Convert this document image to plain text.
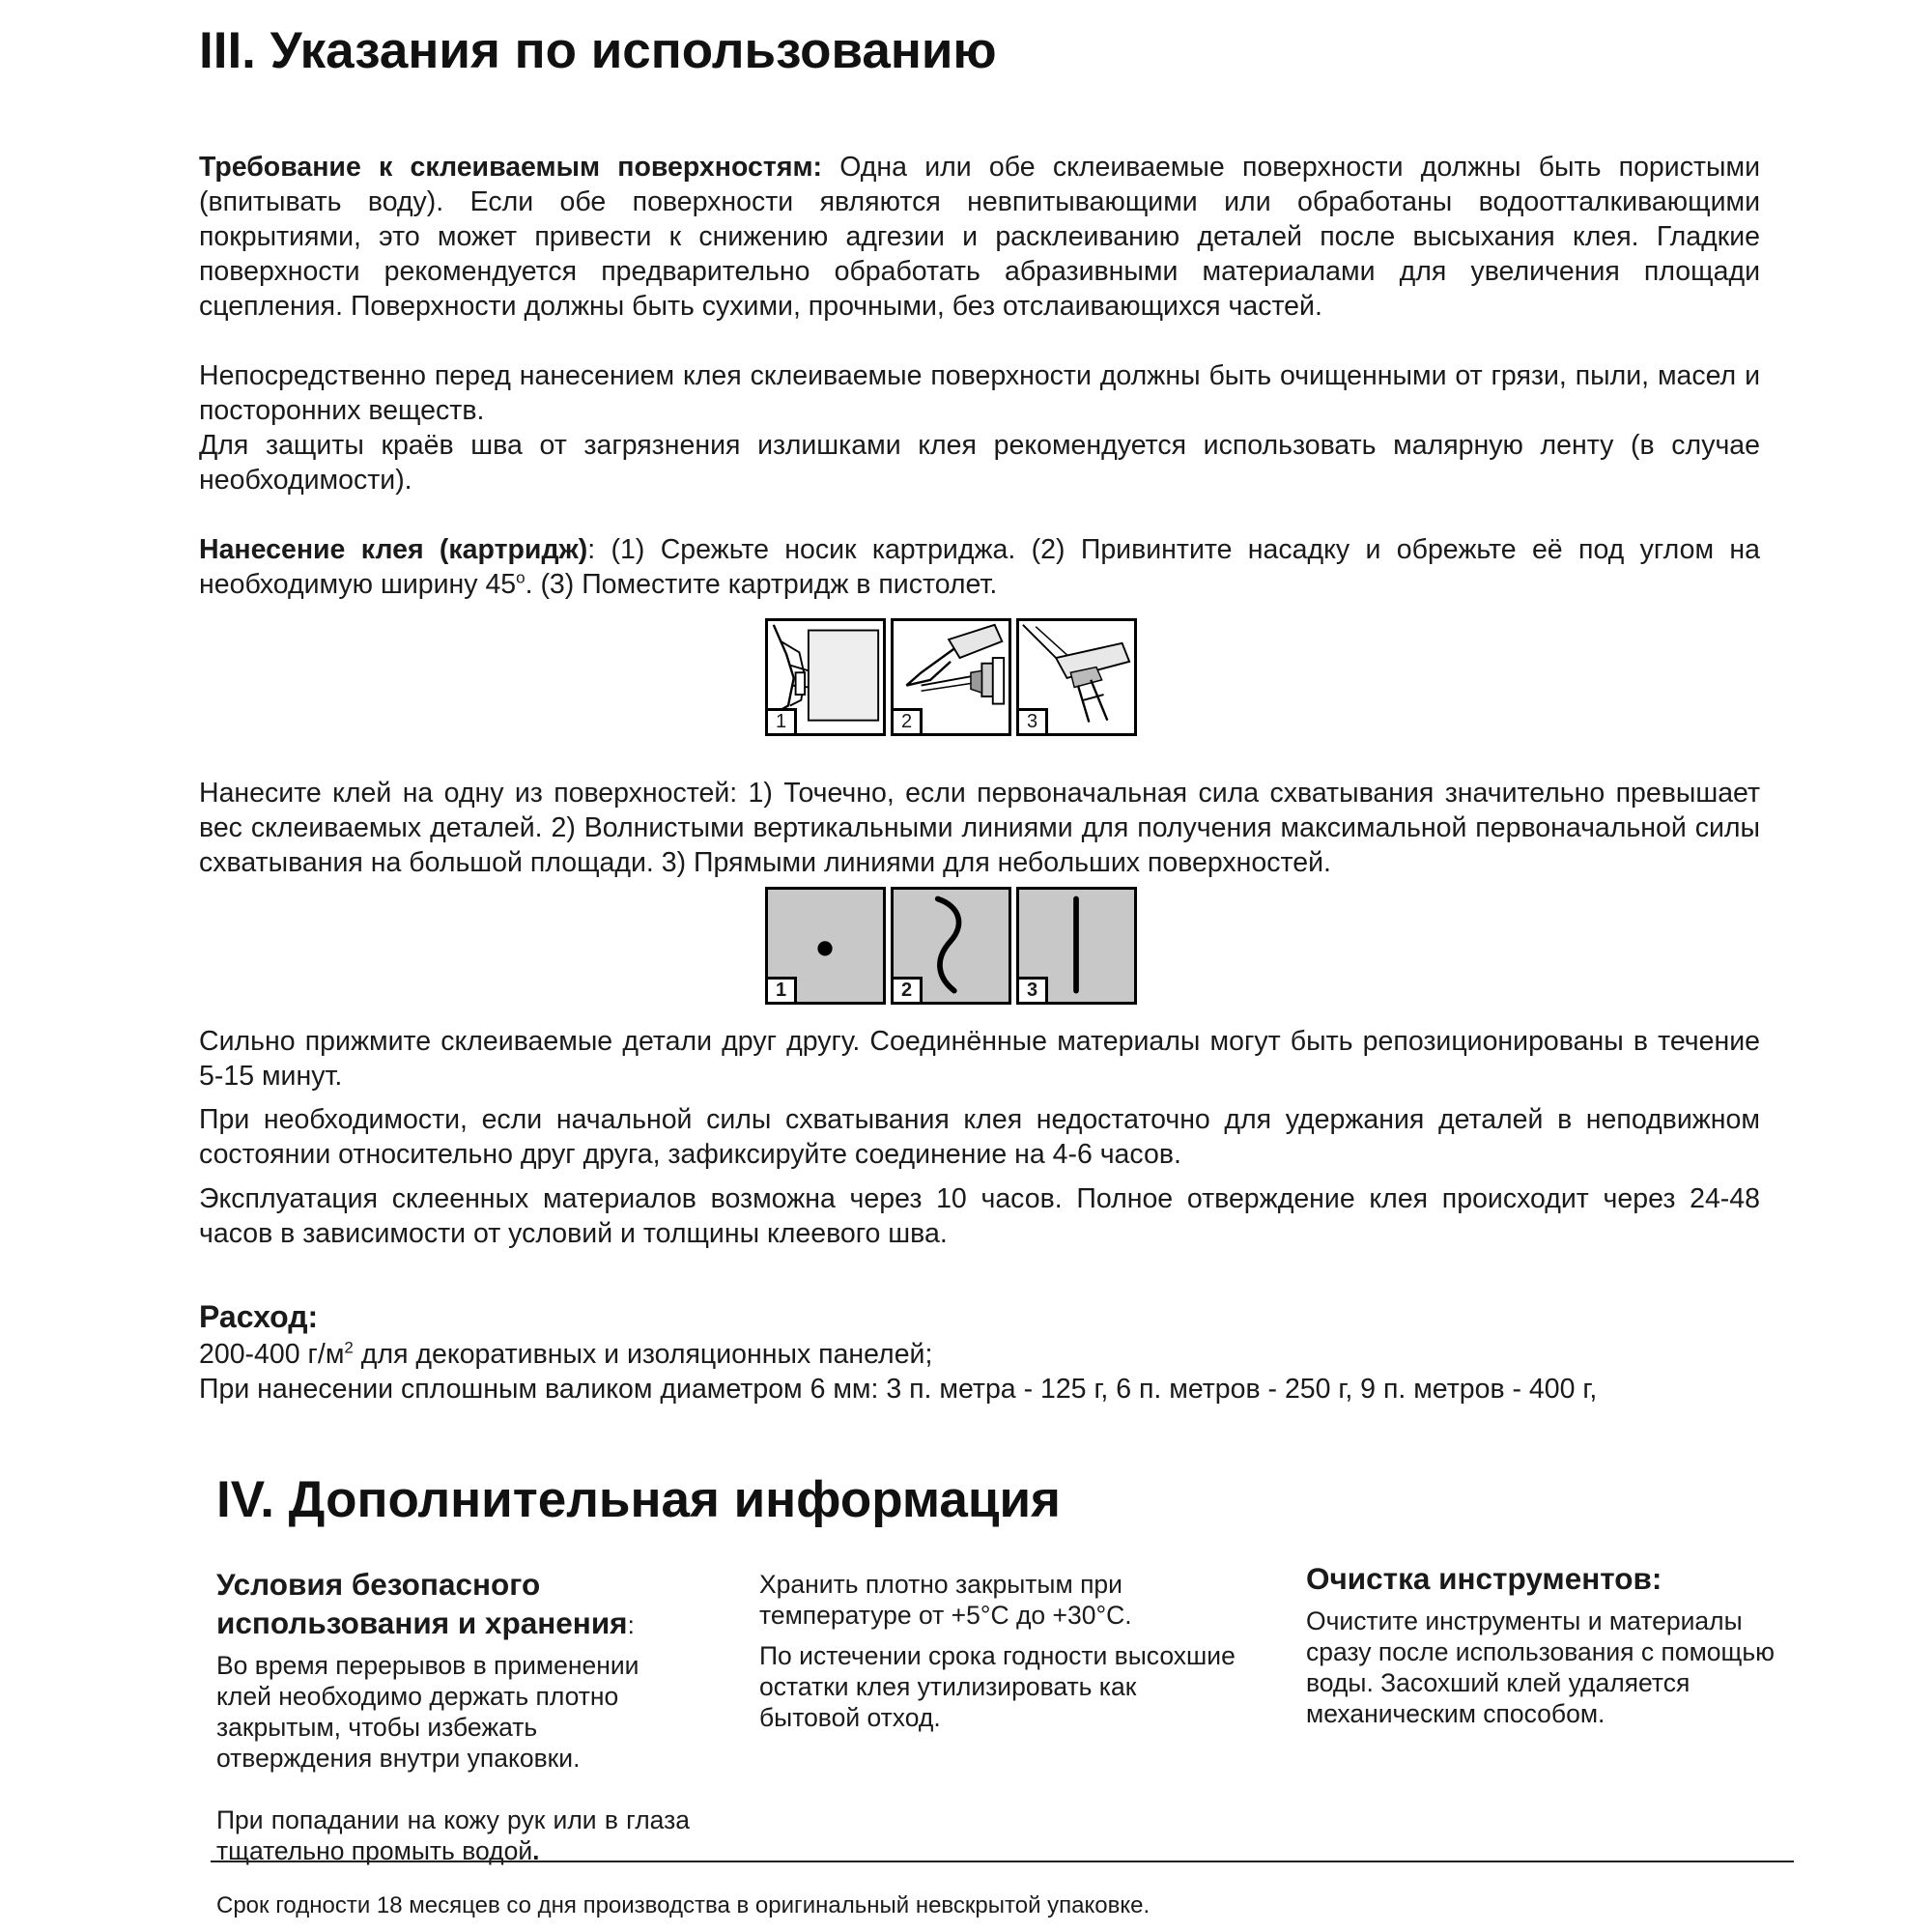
III. Указания по использованию

Требование к склеиваемым поверхностям: Одна или обе склеиваемые поверхности должны быть пористыми (впитывать воду). Если обе поверхности являются невпитывающими или обработаны водоотталкивающими покрытиями, это может привести к снижению адгезии и расклеиванию деталей после высыхания клея. Гладкие поверхности рекомендуется предварительно обработать абразивными материалами для увеличения площади сцепления. Поверхности должны быть сухими, прочными, без отслаивающихся частей.

Непосредственно перед нанесением клея склеиваемые поверхности должны быть очищенными от грязи, пыли, масел и посторонних веществ.

Для защиты краёв шва от загрязнения излишками клея рекомендуется использовать малярную ленту (в случае необходимости).

Нанесение клея (картридж): (1) Срежьте носик картриджа. (2) Привинтите насадку и обрежьте её под углом на необходимую ширину 45$^o$. (3) Поместите картридж в пистолет.

1	2	3

Нанесите клей на одну из поверхностей: 1) Точечно, если первоначальная сила схватывания значительно превышает вес склеиваемых деталей. 2) Волнистыми вертикальными линиями для получения максимальной первоначальной силы схватывания на большой площади. 3) Прямыми линиями для небольших поверхностей.

1	2	3

Сильно прижмите склеиваемые детали друг другу. Соединённые материалы могут быть репозиционированы в течение 5-15 минут.

При необходимости, если начальной силы схватывания клея недостаточно для удержания деталей в неподвижном состоянии относительно друг друга, зафиксируйте соединение на 4-6 часов.

Эксплуатация склеенных материалов возможна через 10 часов. Полное отверждение клея происходит через 24-48 часов в зависимости от условий и толщины клеевого шва.

Расход:

200-400 $г/м^2$ для декоративных и изоляционных панелей;

При нанесении сплошным валиком диаметром 6 мм: 3 п. метра - 125 г, 6 п. метров - 250 г, 9 п. метров - 400 г,

IV. Дополнительная информация

Условия безопасного использования и хранения:

Во время перерывов в применении клей необходимо держать плотно закрытым, чтобы избежать отверждения внутри упаковки.

При попадании на кожу рук или в глаза тщательно промыть водой.

Хранить плотно закрытым при температуре от +5°С до +30°С.

По истечении срока годности высохшие остатки клея утилизировать как бытовой отход.

Очистка инструментов:

Очистите инструменты и материалы сразу после использования с помощью воды. Засохший клей удаляется механическим способом.

Срок годности 18 месяцев со дня производства в оригинальный невскрытой упаковке.
